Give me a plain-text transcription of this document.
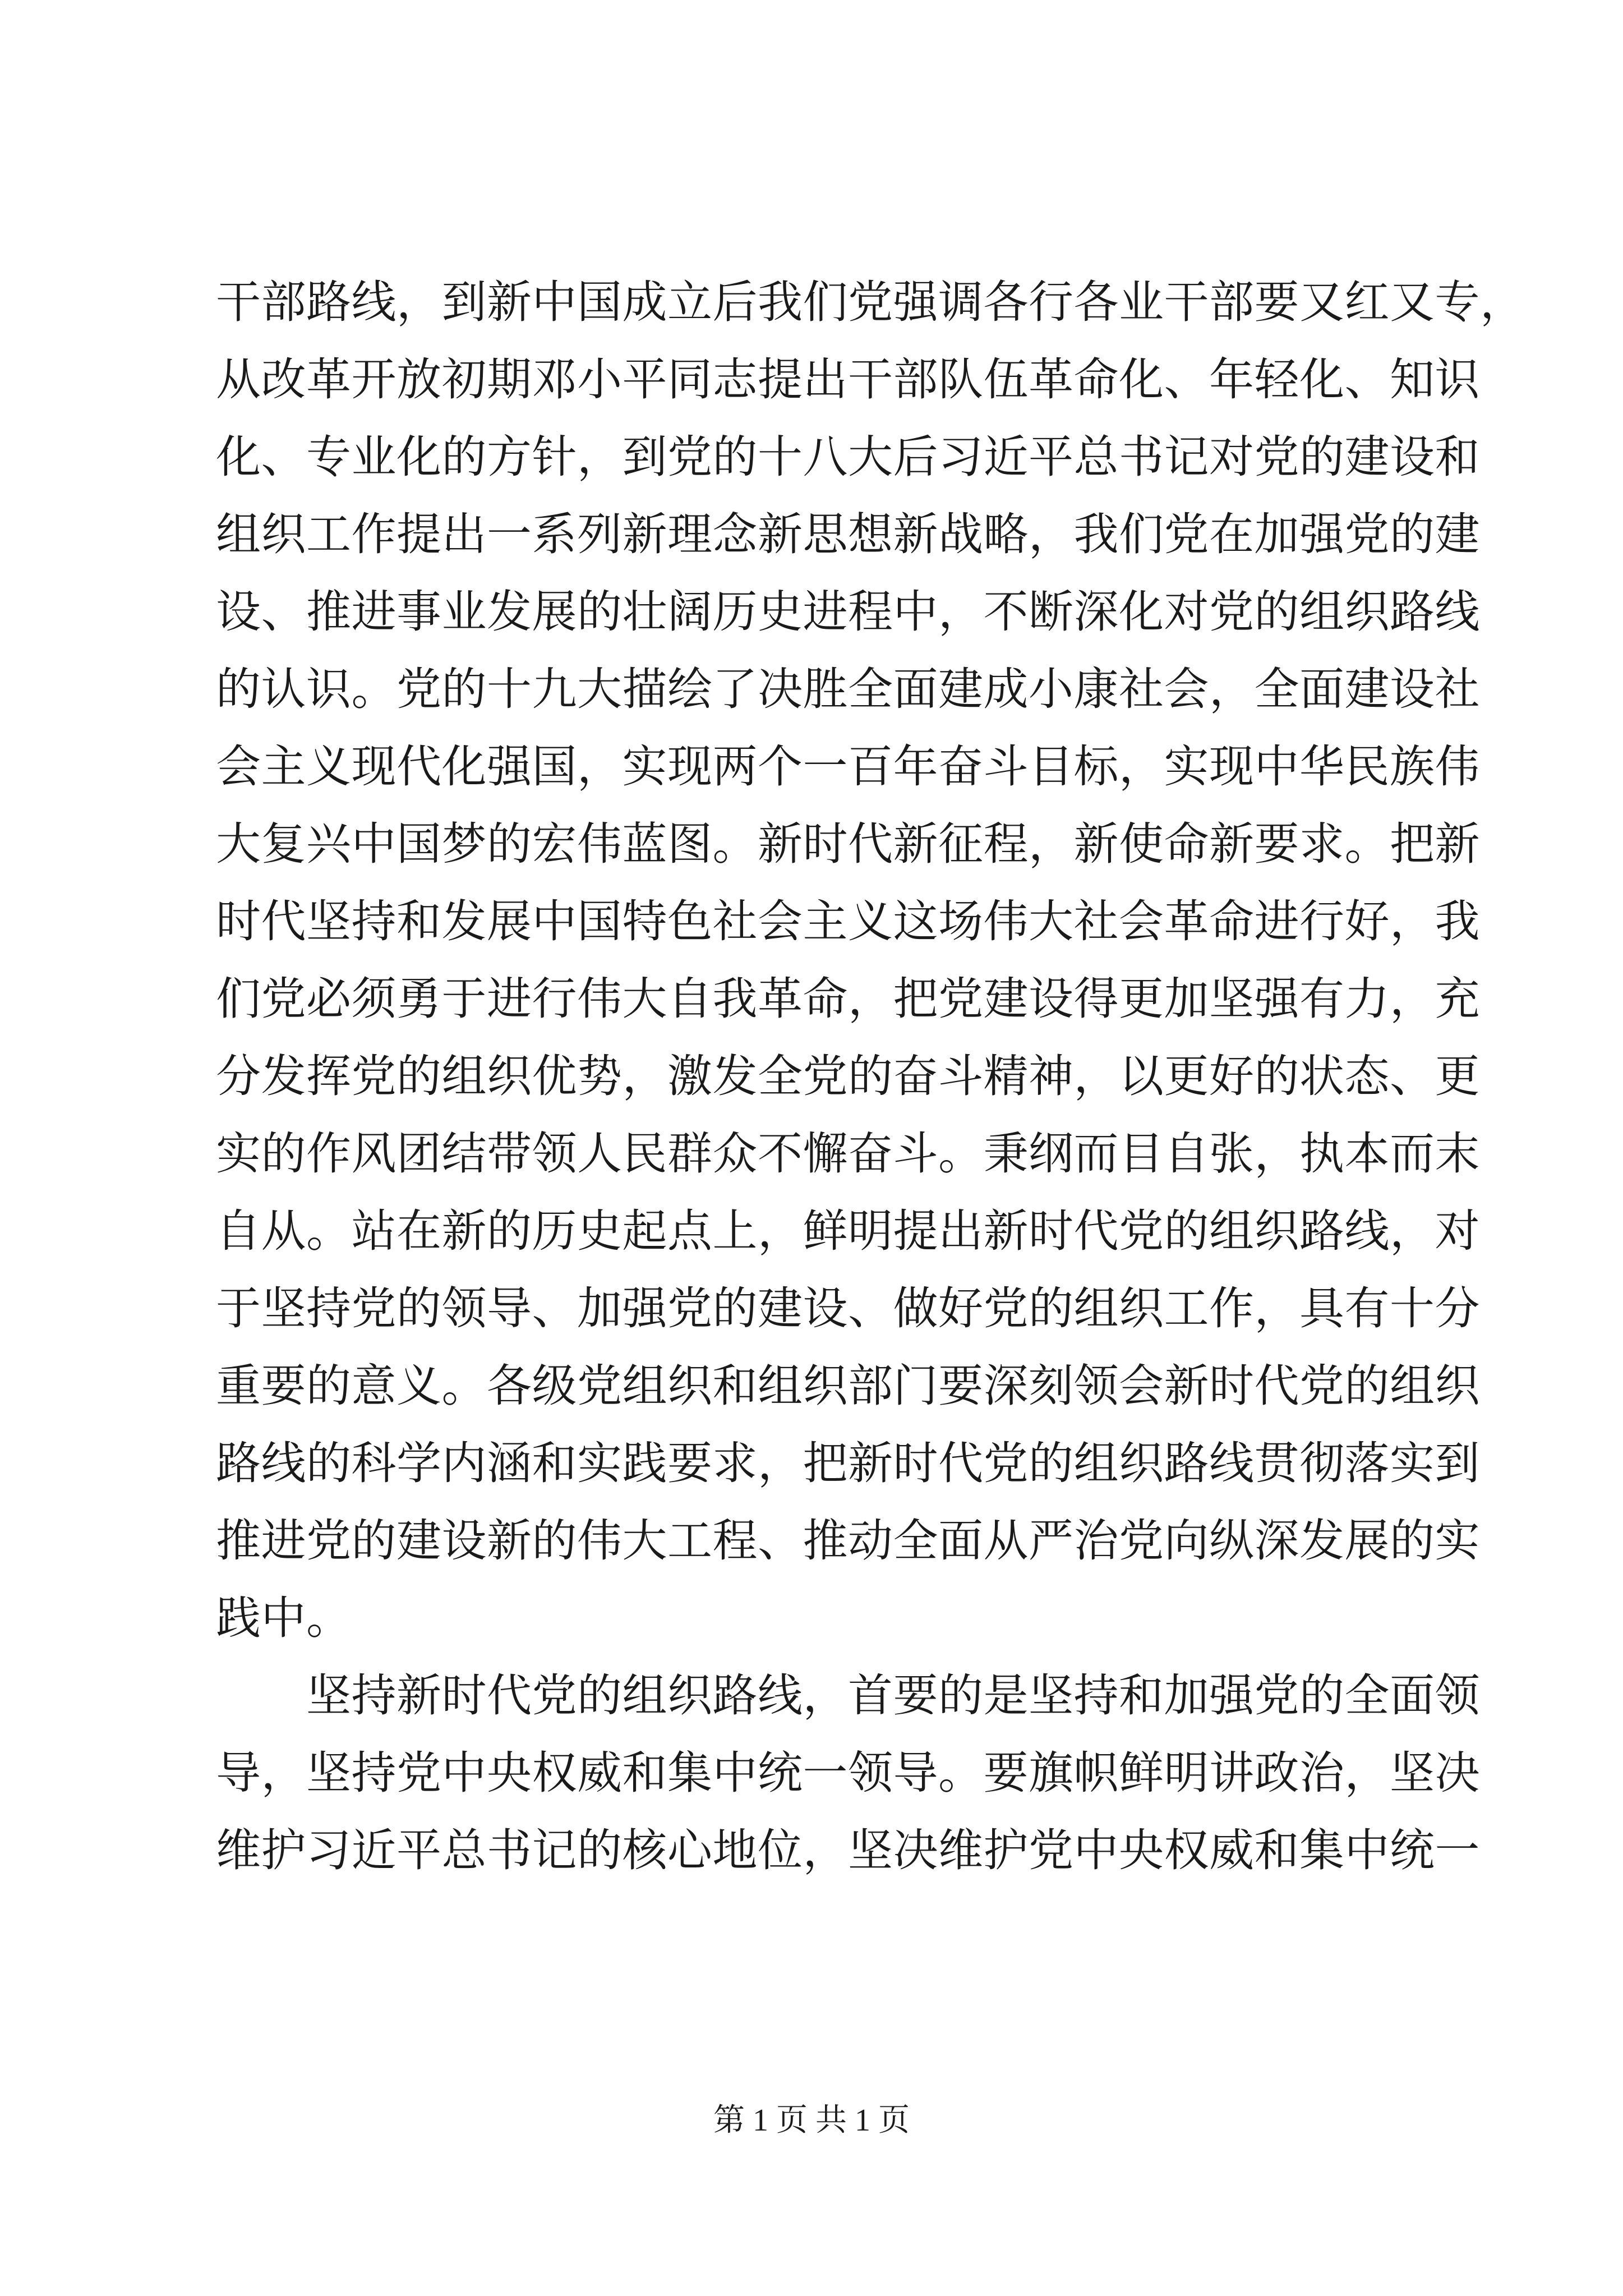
干部路线，到新中国成立后我们党强调各行各业干部要又红又专，
从改革开放初期邓小平同志提出干部队伍革命化、年轻化、知识
化、专业化的方针，到党的十八大后习近平总书记对党的建设和
组织工作提出一系列新理念新思想新战略，我们党在加强党的建
设、推进事业发展的壮阔历史进程中，不断深化对党的组织路线
的认识。党的十九大描绘了决胜全面建成小康社会，全面建设社
会主义现代化强国，实现两个一百年奋斗目标，实现中华民族伟
大复兴中国梦的宏伟蓝图。新时代新征程，新使命新要求。把新
时代坚持和发展中国特色社会主义这场伟大社会革命进行好，我
们党必须勇于进行伟大自我革命，把党建设得更加坚强有力，充
分发挥党的组织优势，激发全党的奋斗精神，以更好的状态、更
实的作风团结带领人民群众不懈奋斗。秉纲而目自张，执本而末
自从。站在新的历史起点上，鲜明提出新时代党的组织路线，对
于坚持党的领导、加强党的建设、做好党的组织工作，具有十分
重要的意义。各级党组织和组织部门要深刻领会新时代党的组织
路线的科学内涵和实践要求，把新时代党的组织路线贯彻落实到
推进党的建设新的伟大工程、推动全面从严治党向纵深发展的实
践中。
　　坚持新时代党的组织路线，首要的是坚持和加强党的全面领
导，坚持党中央权威和集中统一领导。要旗帜鲜明讲政治，坚决
维护习近平总书记的核心地位，坚决维护党中央权威和集中统一
第 1 页 共 1 页
